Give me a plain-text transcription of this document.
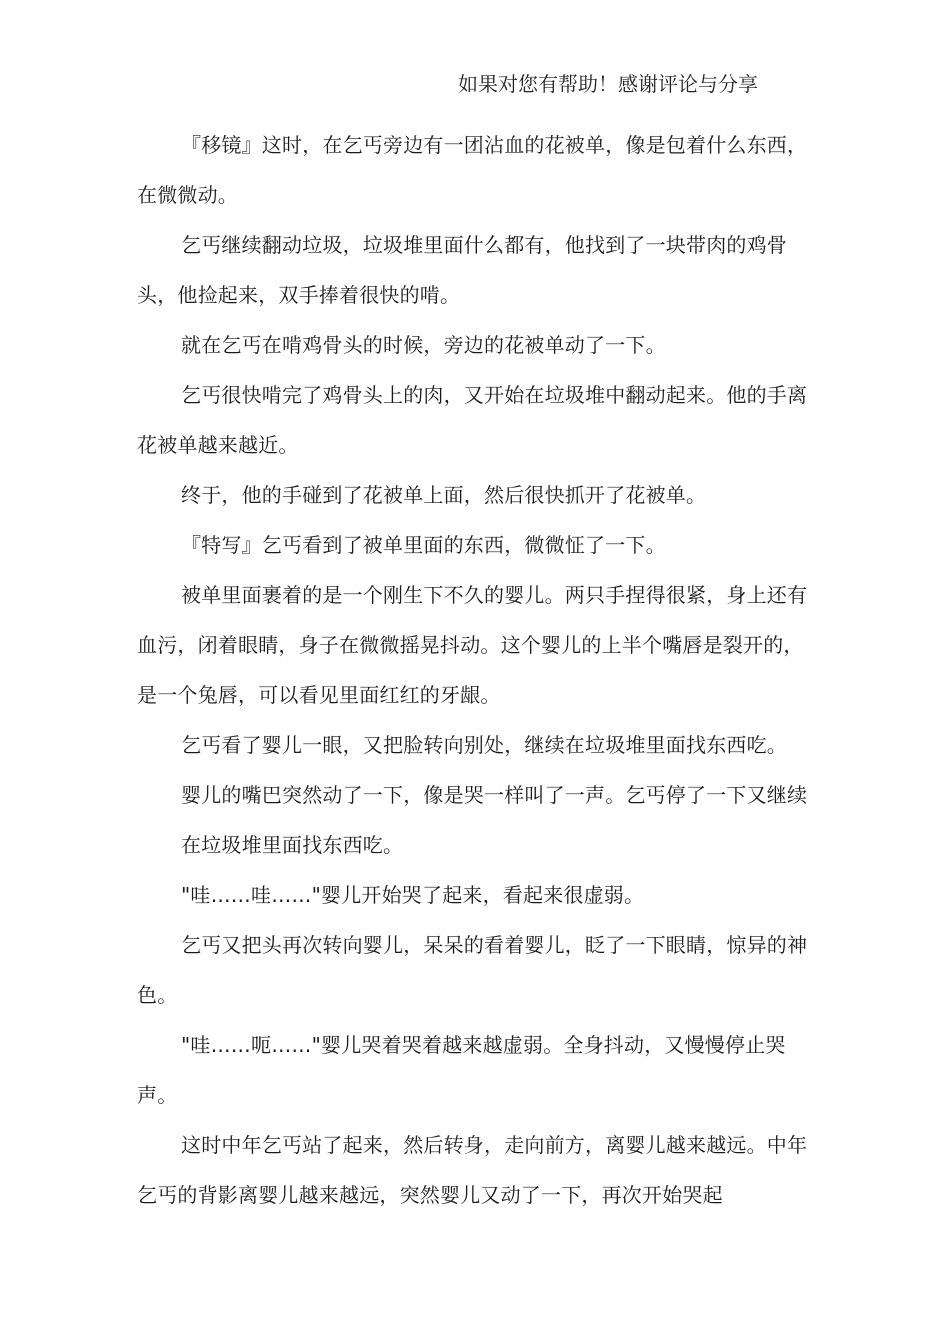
如果对您有帮助！感谢评论与分享

『移镜』这时，在乞丐旁边有一团沾血的花被单，像是包着什么东西，在微微动。

乞丐继续翻动垃圾，垃圾堆里面什么都有，他找到了一块带肉的鸡骨头，他捡起来，双手捧着很快的啃。

就在乞丐在啃鸡骨头的时候，旁边的花被单动了一下。

乞丐很快啃完了鸡骨头上的肉，又开始在垃圾堆中翻动起来。他的手离花被单越来越近。

终于，他的手碰到了花被单上面，然后很快抓开了花被单。

『特写』乞丐看到了被单里面的东西，微微怔了一下。

被单里面裹着的是一个刚生下不久的婴儿。两只手捏得很紧，身上还有血污，闭着眼睛，身子在微微摇晃抖动。这个婴儿的上半个嘴唇是裂开的，是一个兔唇，可以看见里面红红的牙龈。

乞丐看了婴儿一眼，又把脸转向别处，继续在垃圾堆里面找东西吃。

婴儿的嘴巴突然动了一下，像是哭一样叫了一声。乞丐停了一下又继续在垃圾堆里面找东西吃。

"哇……哇……"婴儿开始哭了起来，看起来很虚弱。

乞丐又把头再次转向婴儿，呆呆的看着婴儿，眨了一下眼睛，惊异的神色。

"哇……呃……"婴儿哭着哭着越来越虚弱。全身抖动，又慢慢停止哭声。

这时中年乞丐站了起来，然后转身，走向前方，离婴儿越来越远。中年乞丐的背影离婴儿越来越远，突然婴儿又动了一下，再次开始哭起
